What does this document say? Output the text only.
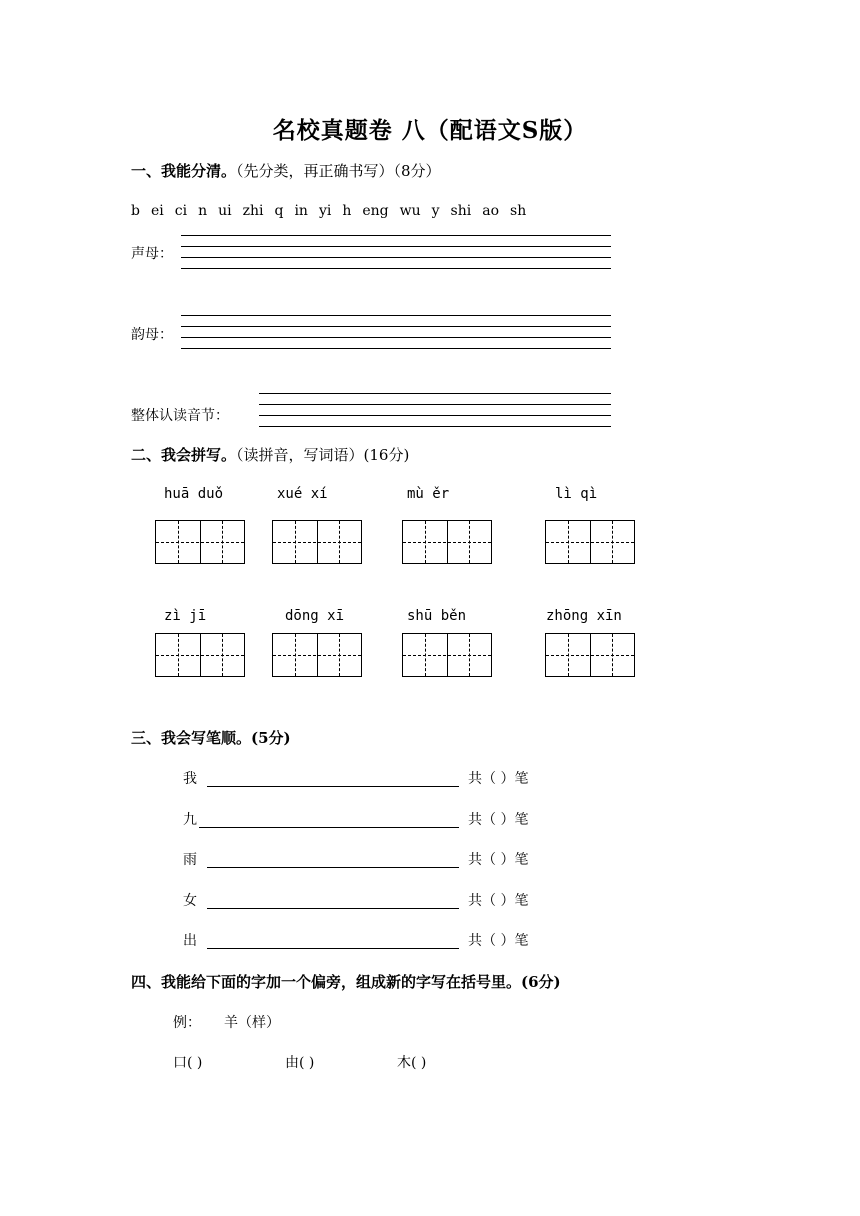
名校真题卷 八（配语文S版）
一、我能分清。（先分类，再正确书写）（8分）
b ei ci n ui zhi q in yi h eng wu y shi ao sh
声母：
韵母：
整体认读音节：
二、我会拼写。（读拼音，写词语）(16分)
huā duǒ	xué xí	mù ěr	lì qì
zì jī	dōng xī	shū běn	zhōng xīn
三、我会写笔顺。(5分)
我	共（ ）笔
九	共（ ）笔
雨	共（ ）笔
女	共（ ）笔
出	共（ ）笔
四、我能给下面的字加一个偏旁，组成新的字写在括号里。(6分)
例： 羊（样）
口( )	由( )	木( )
